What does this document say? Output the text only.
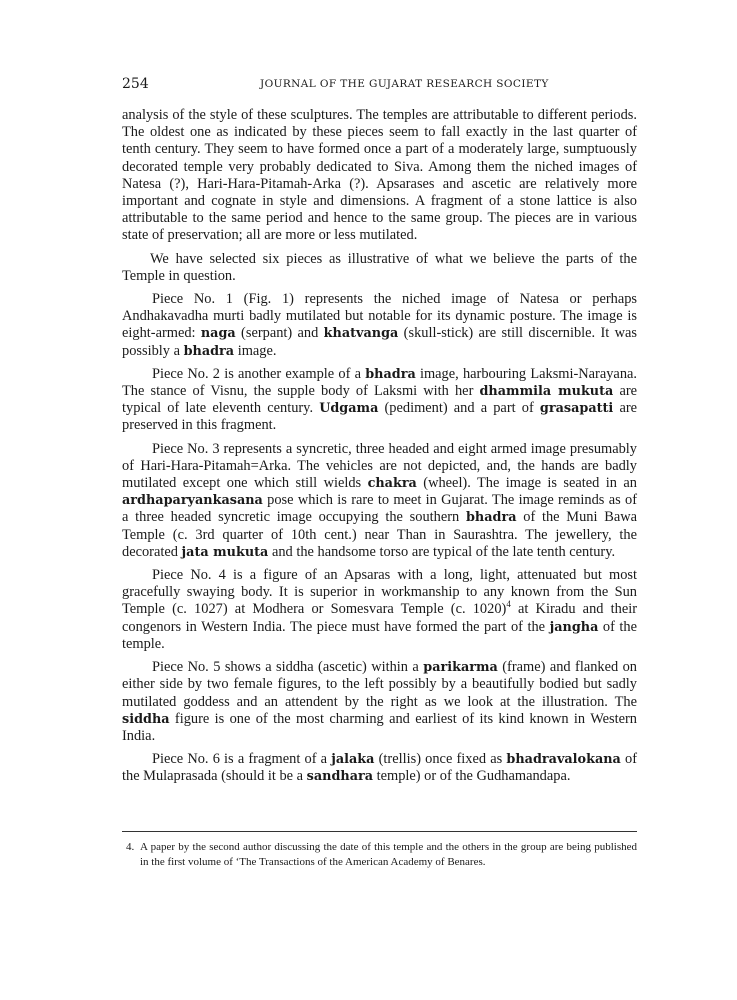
254	JOURNAL OF THE GUJARAT RESEARCH SOCIETY

analysis of the style of these sculptures. The temples are attributable to different periods. The oldest one as indicated by these pieces seem to fall exactly in the last quarter of tenth century. They seem to have formed once a part of a moderately large, sumptuously decorated temple very probably dedicated to Siva. Among them the niched images of Natesa (?), Hari-Hara-Pitamah-Arka (?). Apsarases and ascetic are relatively more important and cognate in style and dimensions. A fragment of a stone lattice is also attributable to the same period and hence to the same group. The pieces are in various state of preservation; all are more or less mutilated.

We have selected six pieces as illustrative of what we believe the parts of the Temple in question.

Piece No. 1 (Fig. 1) represents the niched image of Natesa or perhaps Andhakavadha murti badly mutilated but notable for its dynamic posture. The image is eight-armed: naga (serpant) and khatvanga (skull-stick) are still discernible. It was possibly a bhadra image.

Piece No. 2 is another example of a bhadra image, harbouring Laksmi-Narayana. The stance of Visnu, the supple body of Laksmi with her dhammila mukuta are typical of late eleventh century. Udgama (pediment) and a part of grasapatti are preserved in this fragment.

Piece No. 3 represents a syncretic, three headed and eight armed image presumably of Hari-Hara-Pitamah=Arka. The vehicles are not depicted, and, the hands are badly mutilated except one which still wields chakra (wheel). The image is seated in an ardhaparyankasana pose which is rare to meet in Gujarat. The image reminds as of a three headed syncretic image occupying the southern bhadra of the Muni Bawa Temple (c. 3rd quarter of 10th cent.) near Than in Saurashtra. The jewellery, the decorated jata mukuta and the handsome torso are typical of the late tenth century.

Piece No. 4 is a figure of an Apsaras with a long, light, attenuated but most gracefully swaying body. It is superior in workmanship to any known from the Sun Temple (c. 1027) at Modhera or Somesvara Temple (c. 1020)$^4$ at Kiradu and their congenors in Western India. The piece must have formed the part of the jangha of the temple.

Piece No. 5 shows a siddha (ascetic) within a parikarma (frame) and flanked on either side by two female figures, to the left possibly by a beautifully bodied but sadly mutilated goddess and an attendent by the right as we look at the illustration. The siddha figure is one of the most charming and earliest of its kind known in Western India.

Piece No. 6 is a fragment of a jalaka (trellis) once fixed as bhadravalokana of the Mulaprasada (should it be a sandhara temple) or of the Gudhamandapa.

4. A paper by the second author discussing the date of this temple and the others in the group are being published in the first volume of ‘The Transactions of the American Academy of Benares.
